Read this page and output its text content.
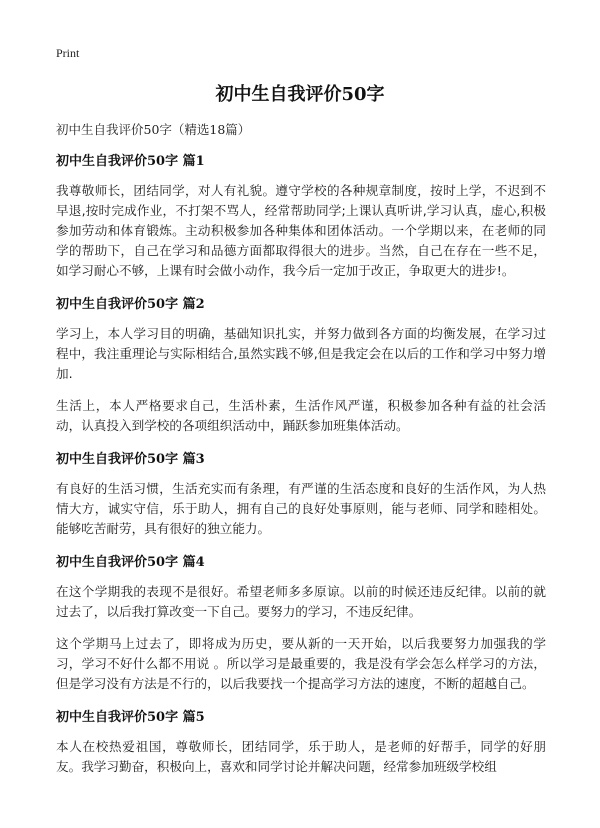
Print
初中生自我评价50字
初中生自我评价50字（精选18篇）
初中生自我评价50字 篇1

我尊敬师长，团结同学，对人有礼貌。遵守学校的各种规章制度，按时上学，不迟到不早退,按时完成作业，不打架不骂人，经常帮助同学;上课认真听讲,学习认真，虚心,积极参加劳动和体育锻炼。主动积极参加各种集体和团体活动。一个学期以来，在老师的同学的帮助下，自己在学习和品德方面都取得很大的进步。当然，自己在存在一些不足，如学习耐心不够，上课有时会做小动作，我今后一定加于改正，争取更大的进步!。

初中生自我评价50字 篇2

学习上，本人学习目的明确，基础知识扎实，并努力做到各方面的均衡发展，在学习过程中，我注重理论与实际相结合,虽然实践不够,但是我定会在以后的工作和学习中努力增加.

生活上，本人严格要求自己，生活朴素，生活作风严谨，积极参加各种有益的社会活动，认真投入到学校的各项组织活动中，踊跃参加班集体活动。

初中生自我评价50字 篇3

有良好的生活习惯，生活充实而有条理，有严谨的生活态度和良好的生活作风，为人热情大方，诚实守信，乐于助人，拥有自己的良好处事原则，能与老师、同学和睦相处。能够吃苦耐劳，具有很好的独立能力。

初中生自我评价50字 篇4

在这个学期我的表现不是很好。希望老师多多原谅。以前的时候还违反纪律。以前的就过去了，以后我打算改变一下自己。要努力的学习，不违反纪律。

这个学期马上过去了，即将成为历史，要从新的一天开始，以后我要努力加强我的学习，学习不好什么都不用说 。所以学习是最重要的，我是没有学会怎么样学习的方法，但是学习没有方法是不行的，以后我要找一个提高学习方法的速度，不断的超越自己。

初中生自我评价50字 篇5

本人在校热爱祖国，尊敬师长，团结同学，乐于助人，是老师的好帮手，同学的好朋友。我学习勤奋，积极向上，喜欢和同学讨论并解决问题，经常参加班级学校组
